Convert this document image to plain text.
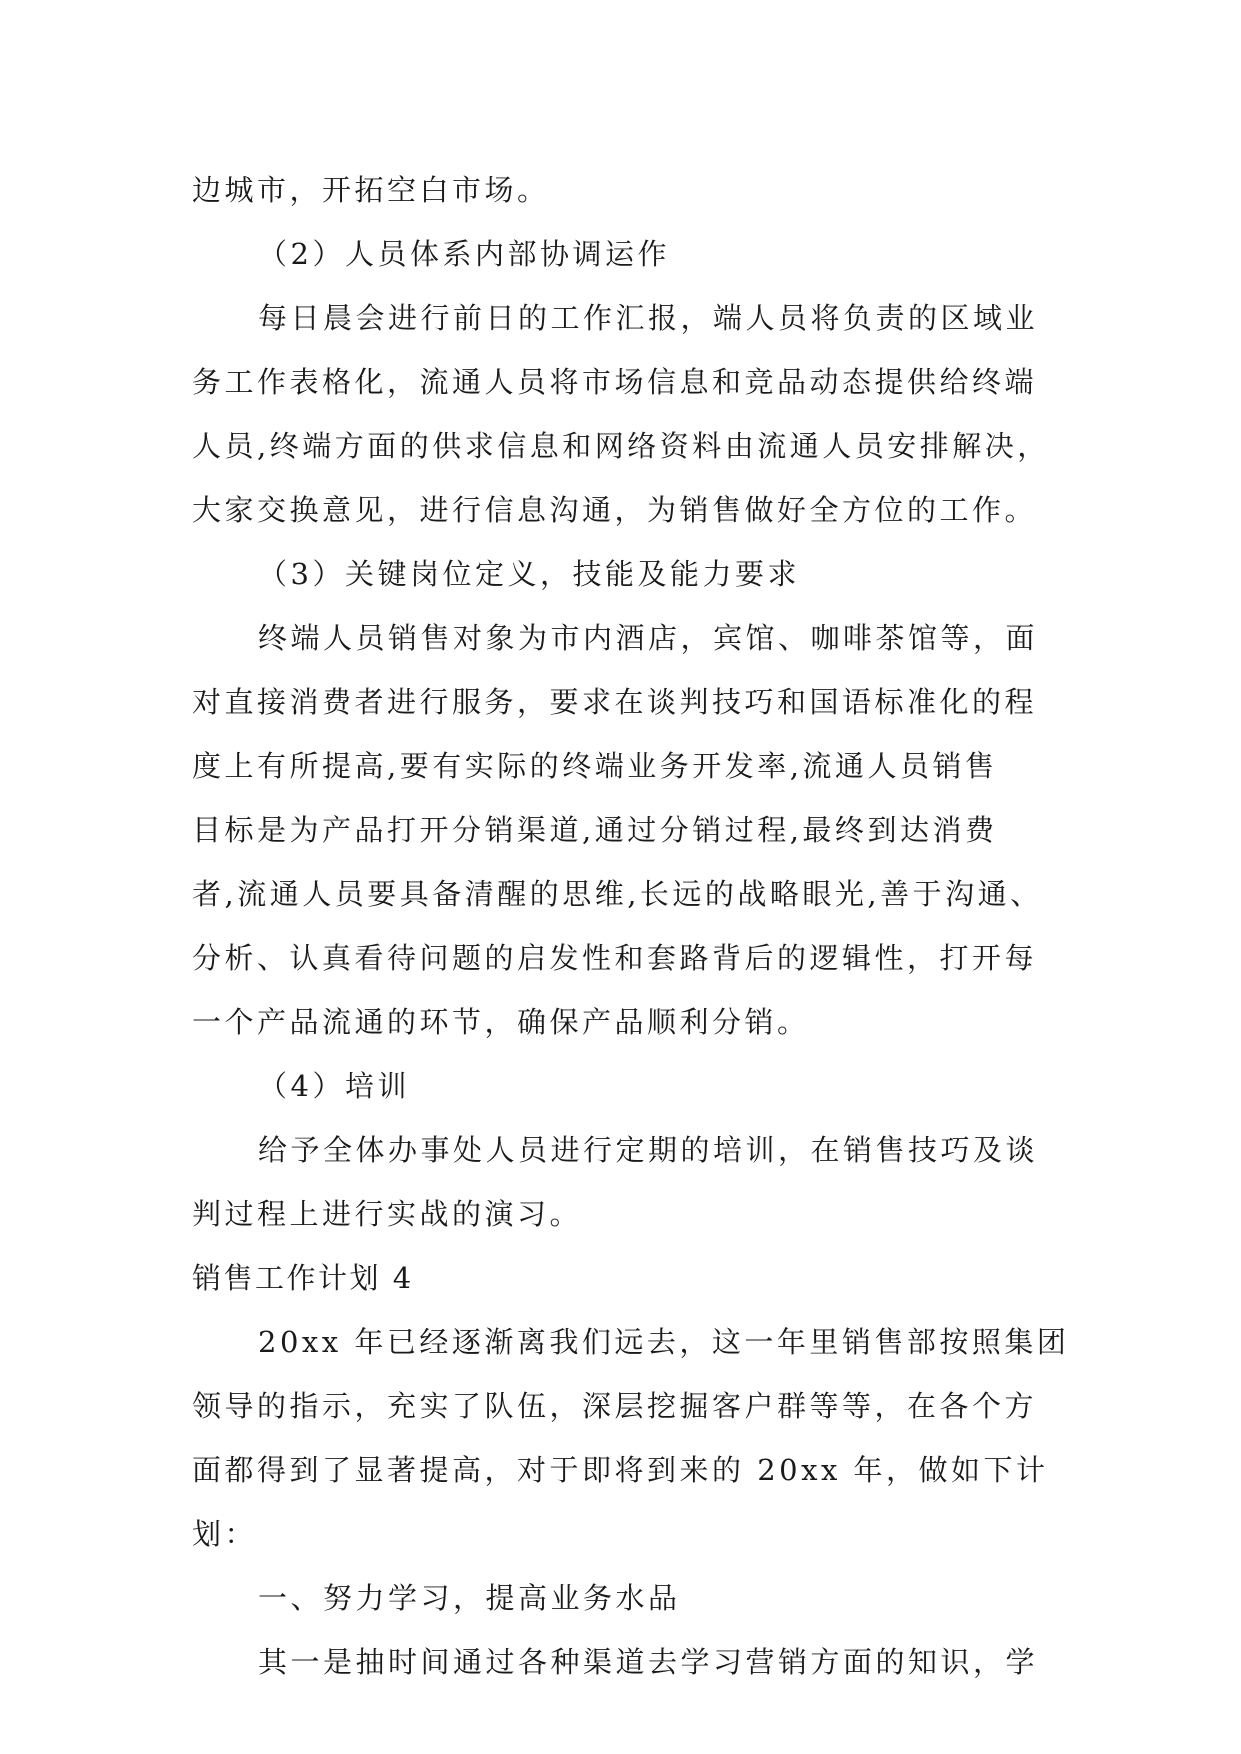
边城市，开拓空白市场。
（2）人员体系内部协调运作
每日晨会进行前日的工作汇报，端人员将负责的区域业
务工作表格化，流通人员将市场信息和竞品动态提供给终端
人员,终端方面的供求信息和网络资料由流通人员安排解决，
大家交换意见，进行信息沟通，为销售做好全方位的工作。
（3）关键岗位定义，技能及能力要求
终端人员销售对象为市内酒店，宾馆、咖啡茶馆等，面
对直接消费者进行服务，要求在谈判技巧和国语标准化的程
度上有所提高,要有实际的终端业务开发率,流通人员销售
目标是为产品打开分销渠道,通过分销过程,最终到达消费
者,流通人员要具备清醒的思维,长远的战略眼光,善于沟通、
分析、认真看待问题的启发性和套路背后的逻辑性，打开每
一个产品流通的环节，确保产品顺利分销。
（4）培训
给予全体办事处人员进行定期的培训，在销售技巧及谈
判过程上进行实战的演习。
销售工作计划 4
20xx 年已经逐渐离我们远去，这一年里销售部按照集团
领导的指示，充实了队伍，深层挖掘客户群等等，在各个方
面都得到了显著提高，对于即将到来的 20xx 年，做如下计
划：
一、努力学习，提高业务水品
其一是抽时间通过各种渠道去学习营销方面的知识，学
